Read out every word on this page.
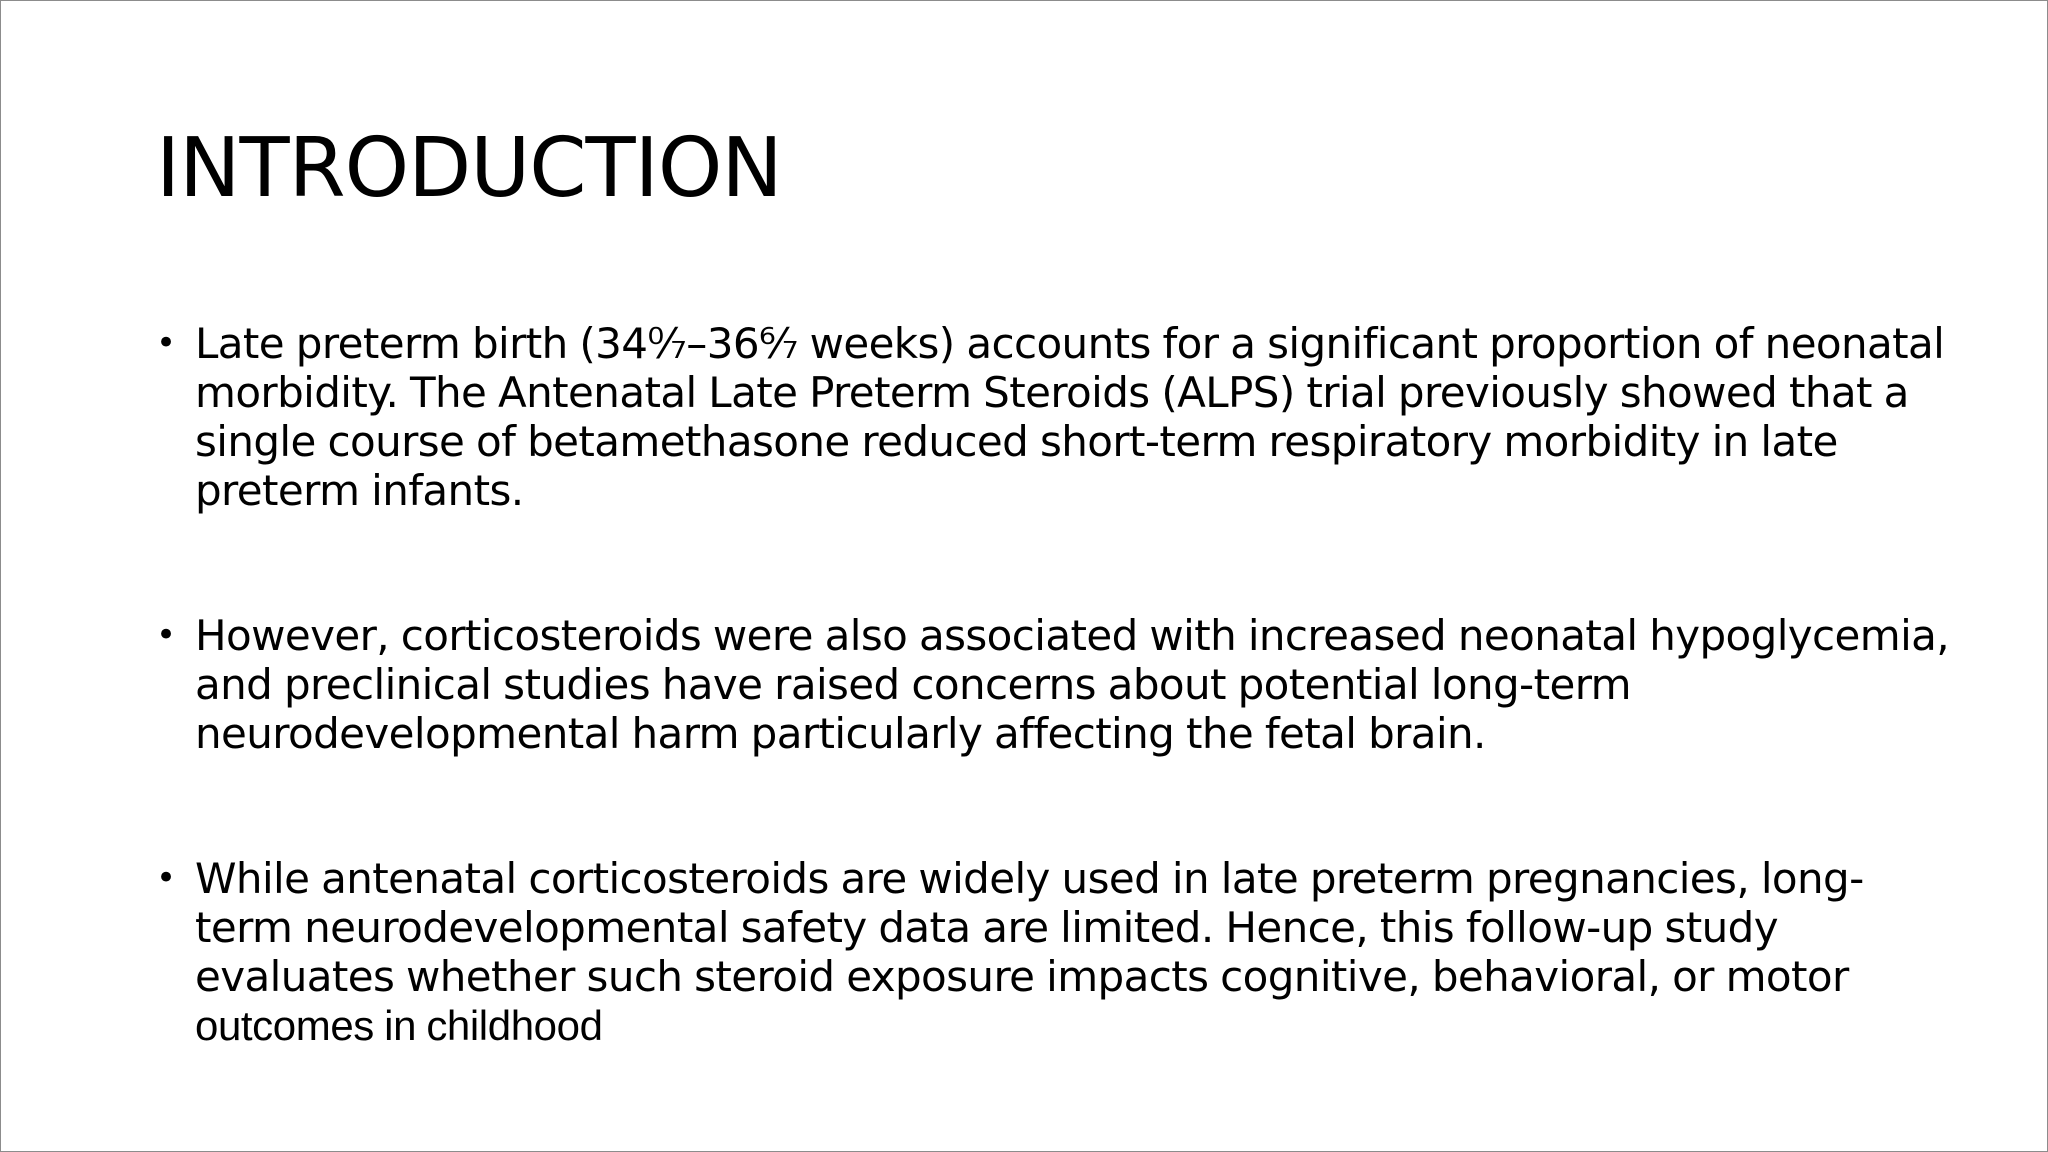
INTRODUCTION
• Late preterm birth (34⁰⁄₇–36⁶⁄₇ weeks) accounts for a significant proportion of neonatal morbidity. The Antenatal Late Preterm Steroids (ALPS) trial previously showed that a single course of betamethasone reduced short-term respiratory morbidity in late preterm infants.
• However, corticosteroids were also associated with increased neonatal hypoglycemia, and preclinical studies have raised concerns about potential long-term neurodevelopmental harm particularly affecting the fetal brain.
• While antenatal corticosteroids are widely used in late preterm pregnancies, long-term neurodevelopmental safety data are limited. Hence, this follow-up study evaluates whether such steroid exposure impacts cognitive, behavioral, or motor
outcomes in childhood
